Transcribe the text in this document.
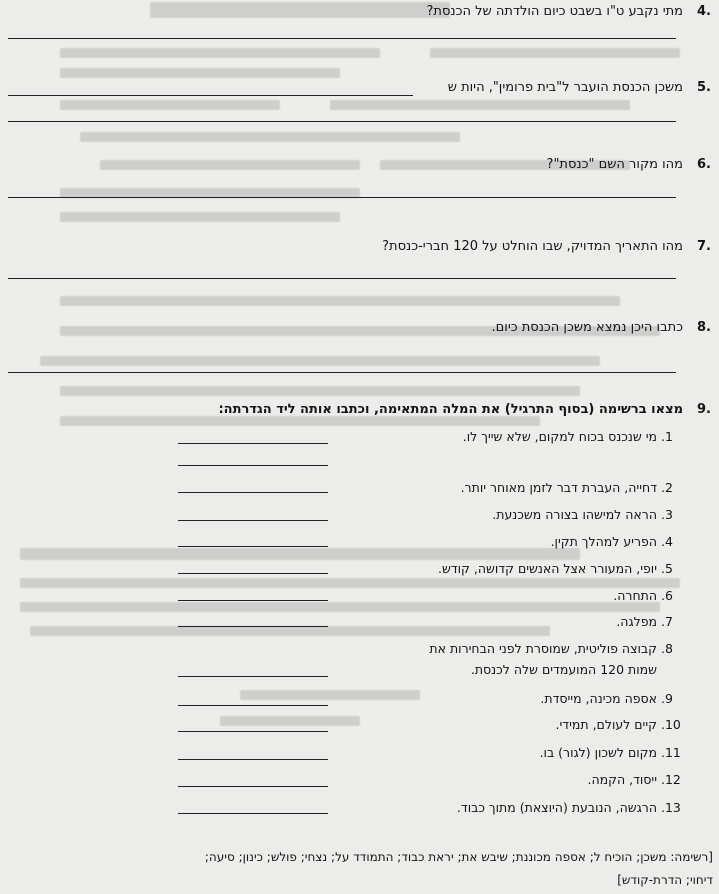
4.
מתי נקבע ט"ו בשבט כיום הולדתה של הכנסת?
5.
משכן הכנסת הועבר ל"בית פרומין", היות ש
6.
מהו מקור השם "כנסת"?
7.
מהו התאריך המדויק, שבו הוחלט על 120 חברי-כנסת?
8.
כתבו היכן נמצא משכן הכנסת כיום.
9.
מצאו ברשימה (בסוף התרגיל) את המלה המתאימה, וכתבו אותה ליד הגדרתה:
1. מי שנכנס בכוח למקום, שלא שייך לו.
2. דחייה, העברת דבר לזמן מאוחר יותר.
3. הראה למישהו בצורה משכנעת.
4. הפריע למהלך תקין.
5. יופי, המעורר אצל האנשים קדושה, קודש.
6. התחרה.
7. מפלגה.
8. קבוצה פוליטית, שמוסרת לפני הבחירות את
שמות 120 המועמדים שלה לכנסת.
9. אספה מכינה, מייסדת.
10. קיים לעולם, תמידי.
11. מקום לשכון (לגור) בו.
12. ייסוד, הקמה.
13. הרגשה, הנובעת (היוצאת) מתוך כבוד.
[רשימה: משכן; הוכיח ל; אספה מכוננת; שיבש את; יראת כבוד; התמודד על; נצחי; פולש; כינון; סיעה;
דיחוי; הדרת-קודש]
